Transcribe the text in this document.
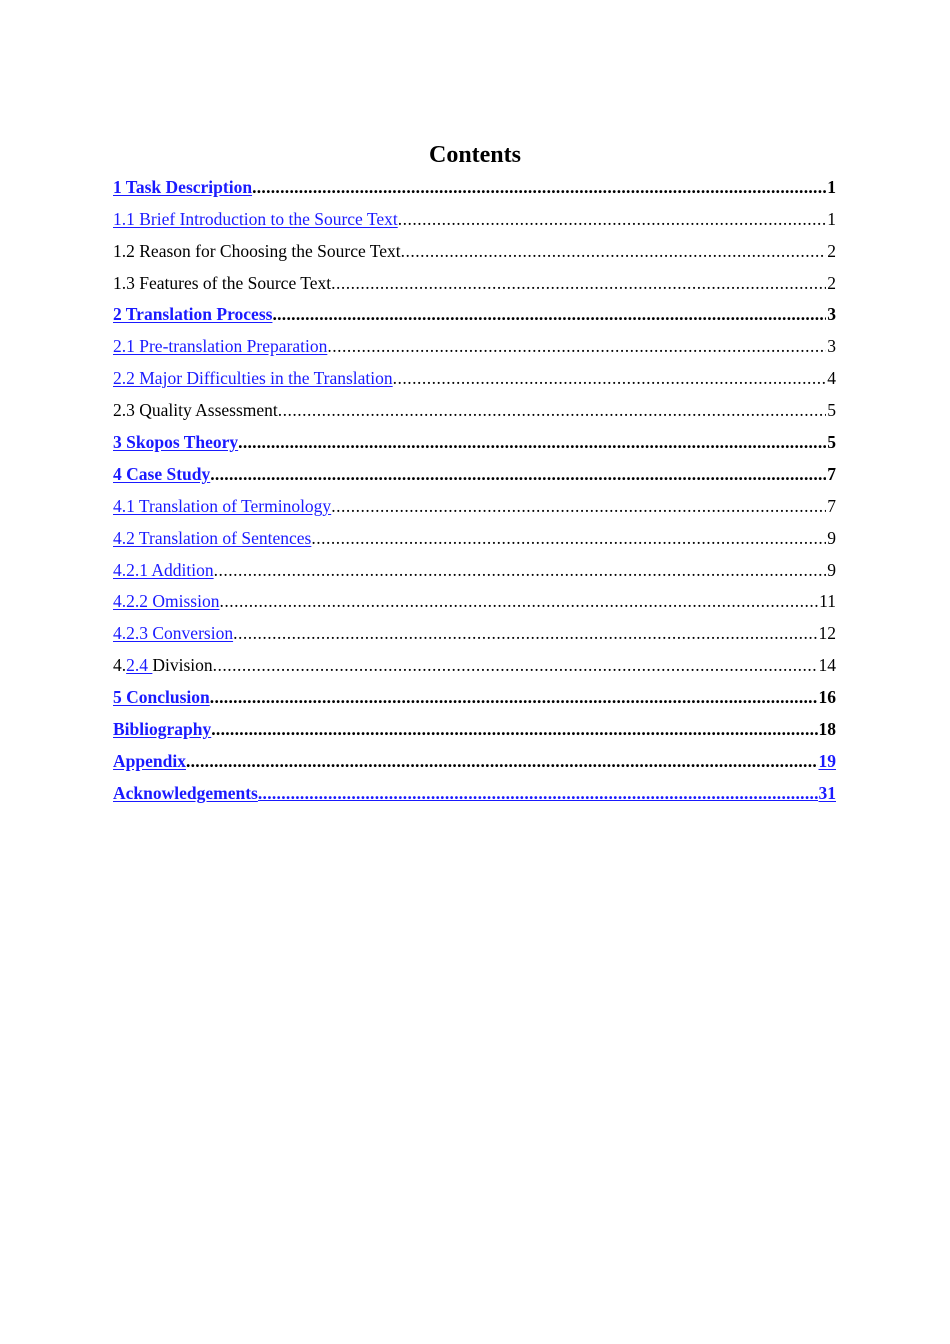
Contents
1 Task Description .....	1
1.1 Brief Introduction to the Source Text .....	1
1.2 Reason for Choosing the Source Text .....	2
1.3 Features of the Source Text .....	2
2 Translation Process .....	3
2.1 Pre-translation Preparation .....	3
2.2 Major Difficulties in the Translation .....	4
2.3 Quality Assessment .....	5
3 Skopos Theory .....	5
4 Case Study .....	7
4.1 Translation of Terminology .....	7
4.2 Translation of Sentences .....	9
4.2.1 Addition .....	9
4.2.2 Omission .....	11
4.2.3 Conversion .....	12
4.2.4 Division .....	14
5 Conclusion .....	16
Bibliography .....	18
Appendix .....	19
Acknowledgements .....	31
